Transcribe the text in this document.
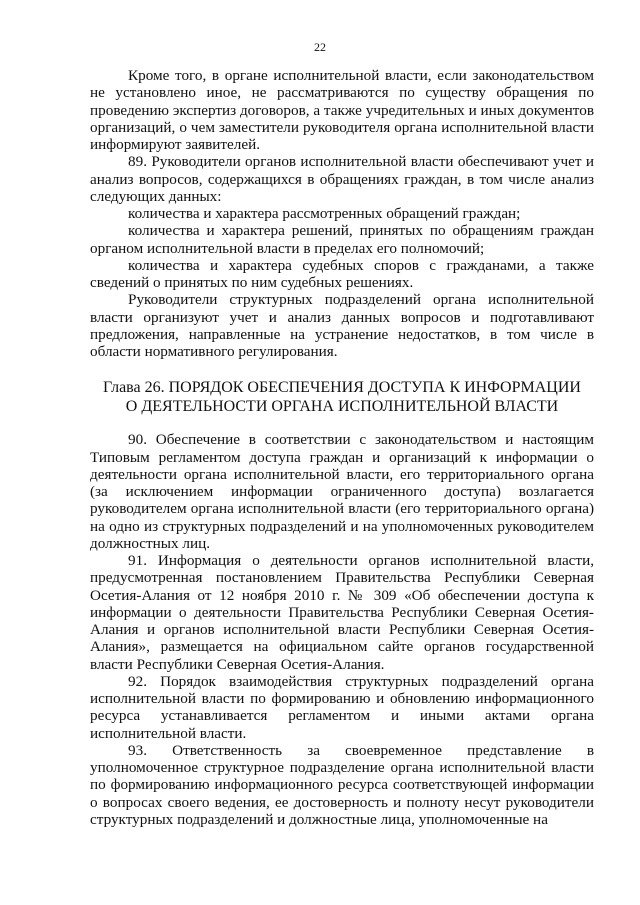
22

Кроме того, в органе исполнительной власти, если законодательством не установлено иное, не рассматриваются по существу обращения по проведению экспертиз договоров, а также учредительных и иных документов организаций, о чем заместители руководителя органа исполнительной власти информируют заявителей.

89. Руководители органов исполнительной власти обеспечивают учет и анализ вопросов, содержащихся в обращениях граждан, в том числе анализ следующих данных:

количества и характера рассмотренных обращений граждан;

количества и характера решений, принятых по обращениям граждан органом исполнительной власти в пределах его полномочий;

количества и характера судебных споров с гражданами, а также сведений о принятых по ним судебных решениях.

Руководители структурных подразделений органа исполнительной власти организуют учет и анализ данных вопросов и подготавливают предложения, направленные на устранение недостатков, в том числе в области нормативного регулирования.

Глава 26. ПОРЯДОК ОБЕСПЕЧЕНИЯ ДОСТУПА К ИНФОРМАЦИИ
О ДЕЯТЕЛЬНОСТИ ОРГАНА ИСПОЛНИТЕЛЬНОЙ ВЛАСТИ

90. Обеспечение в соответствии с законодательством и настоящим Типовым регламентом доступа граждан и организаций к информации о деятельности органа исполнительной власти, его территориального органа (за исключением информации ограниченного доступа) возлагается руководителем органа исполнительной власти (его территориального органа) на одно из структурных подразделений и на уполномоченных руководителем должностных лиц.

91. Информация о деятельности органов исполнительной власти, предусмотренная постановлением Правительства Республики Северная Осетия-Алания от 12 ноября 2010 г. № 309 «Об обеспечении доступа к информации о деятельности Правительства Республики Северная Осетия-Алания и органов исполнительной власти Республики Северная Осетия-Алания», размещается на официальном сайте органов государственной власти Республики Северная Осетия-Алания.

92. Порядок взаимодействия структурных подразделений органа исполнительной власти по формированию и обновлению информационного ресурса устанавливается регламентом и иными актами органа исполнительной власти.

93. Ответственность за своевременное представление в уполномоченное структурное подразделение органа исполнительной власти по формированию информационного ресурса соответствующей информации о вопросах своего ведения, ее достоверность и полноту несут руководители структурных подразделений и должностные лица, уполномоченные на
